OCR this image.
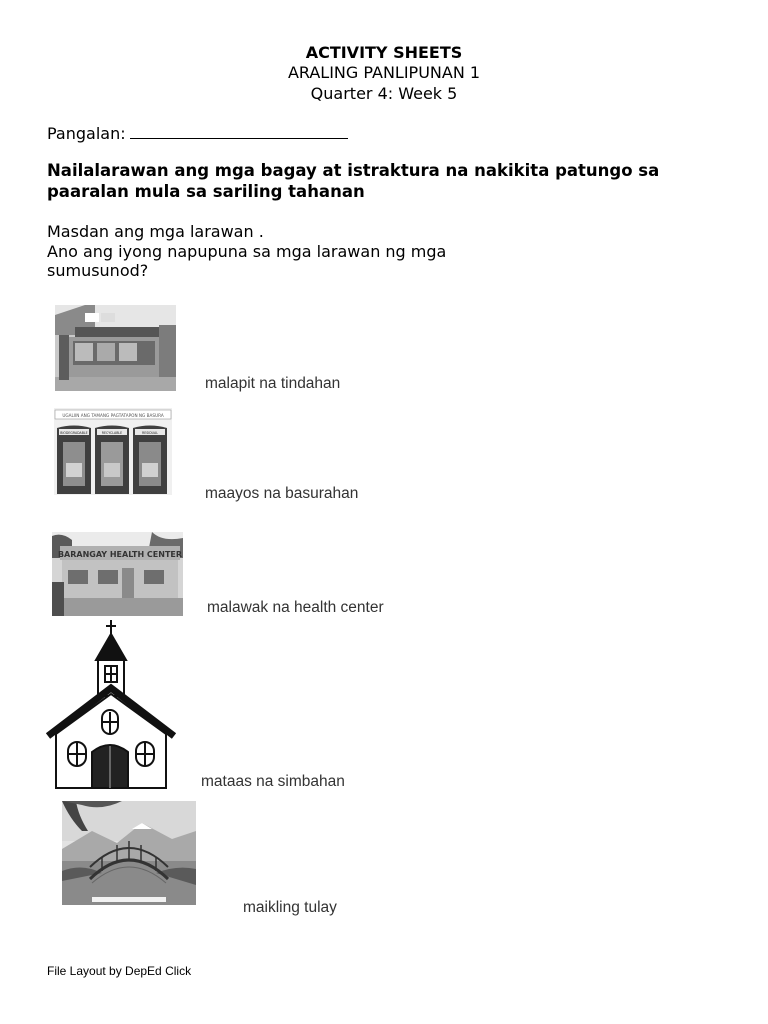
ACTIVITY SHEETS
ARALING PANLIPUNAN 1
Quarter 4: Week 5
Pangalan:
Nailalarawan ang mga bagay at istraktura na nakikita patungo sa paaralan mula sa sariling tahanan
Masdan ang mga larawan .
Ano ang iyong napupuna sa mga larawan ng mga sumusunod?
malapit na tindahan
UGALIIN ANG TAMANG PAGTATAPON NG BASURA
BIODEGRADABLE	RECYCLABLE	RESIDUAL
maayos na basurahan
BARANGAY HEALTH CENTER
malawak na health center
mataas na simbahan
maikling tulay
File Layout by DepEd Click
